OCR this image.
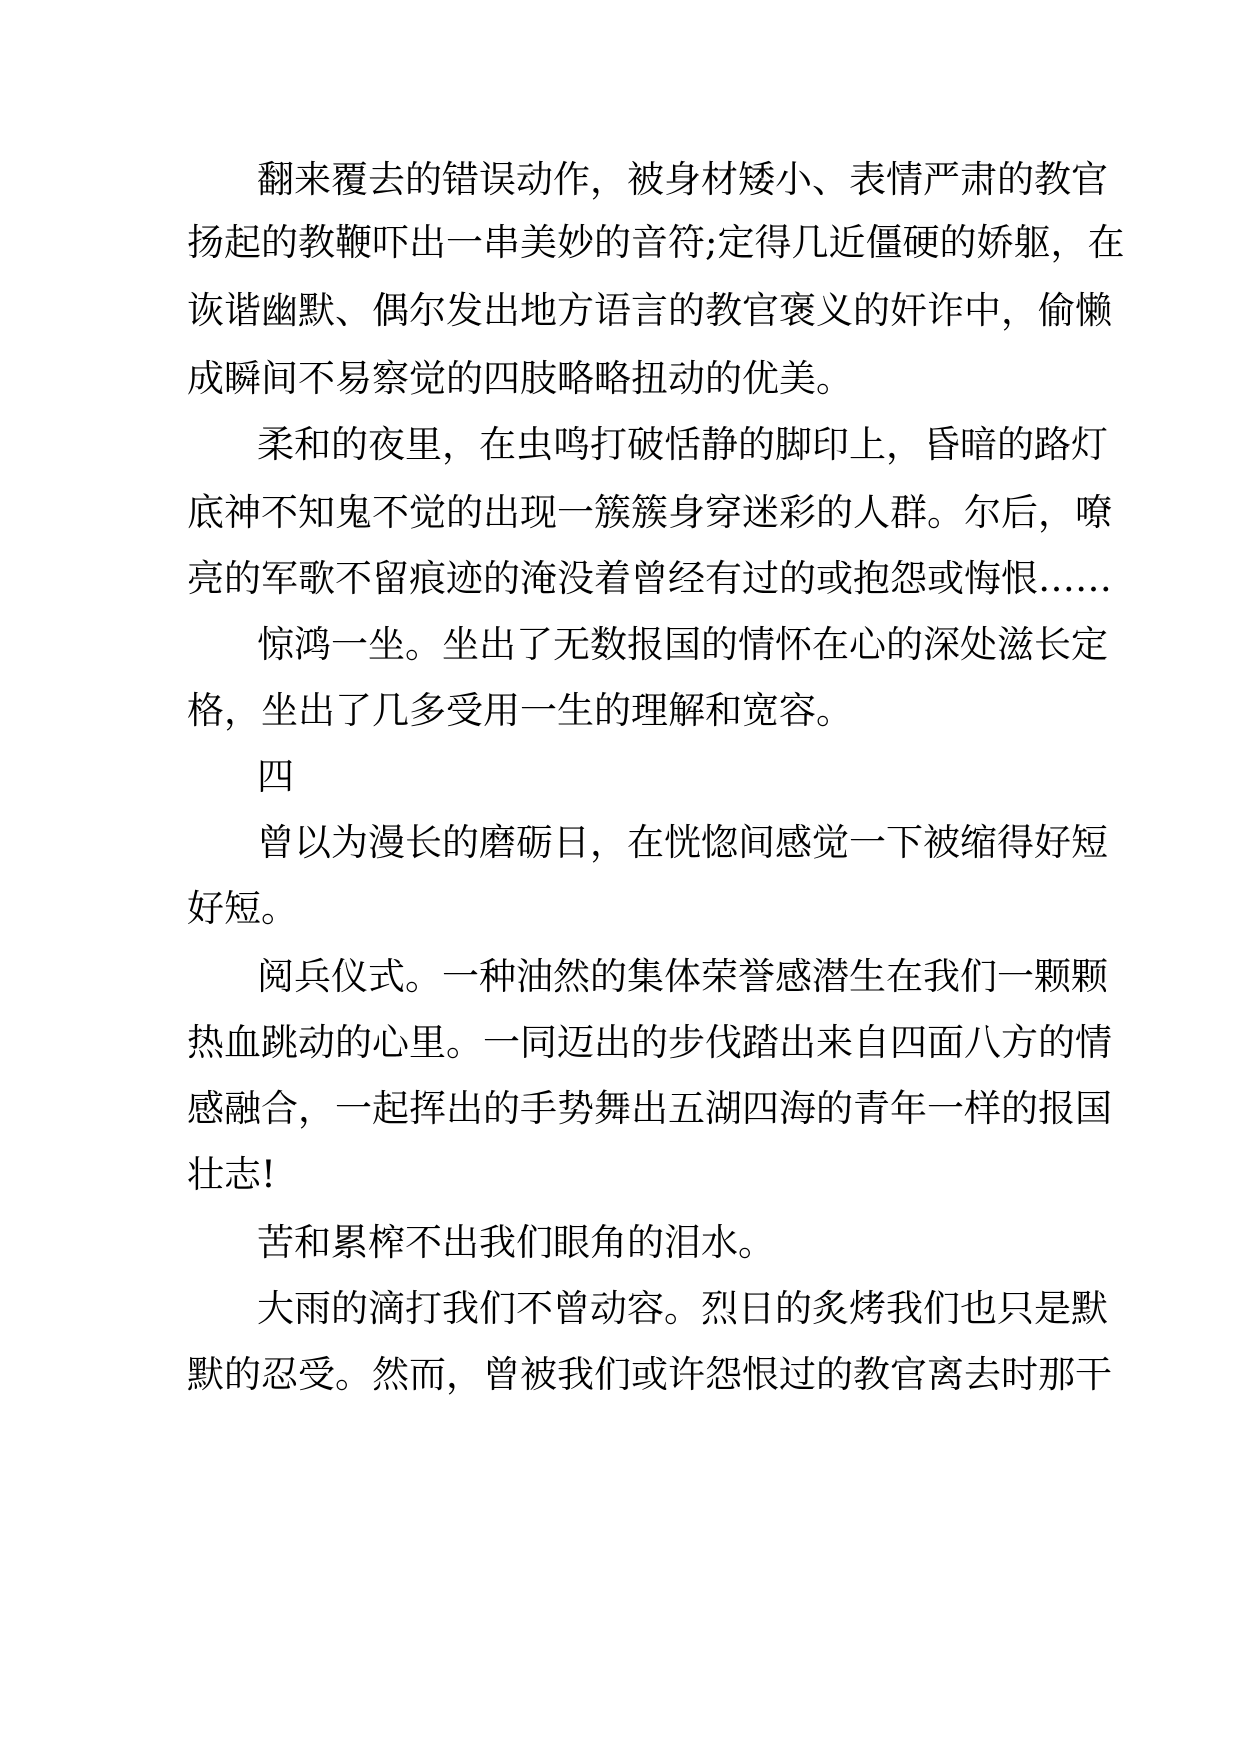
翻来覆去的错误动作，被身材矮小、表情严肃的教官
扬起的教鞭吓出一串美妙的音符;定得几近僵硬的娇躯，在
诙谐幽默、偶尔发出地方语言的教官褒义的奸诈中，偷懒
成瞬间不易察觉的四肢略略扭动的优美。
柔和的夜里，在虫鸣打破恬静的脚印上，昏暗的路灯
底神不知鬼不觉的出现一簇簇身穿迷彩的人群。尔后，嘹
亮的军歌不留痕迹的淹没着曾经有过的或抱怨或悔恨……
惊鸿一坐。坐出了无数报国的情怀在心的深处滋长定
格，坐出了几多受用一生的理解和宽容。
四
曾以为漫长的磨砺日，在恍惚间感觉一下被缩得好短
好短。
阅兵仪式。一种油然的集体荣誉感潜生在我们一颗颗
热血跳动的心里。一同迈出的步伐踏出来自四面八方的情
感融合，一起挥出的手势舞出五湖四海的青年一样的报国
壮志!
苦和累榨不出我们眼角的泪水。
大雨的滴打我们不曾动容。烈日的炙烤我们也只是默
默的忍受。然而，曾被我们或许怨恨过的教官离去时那干
